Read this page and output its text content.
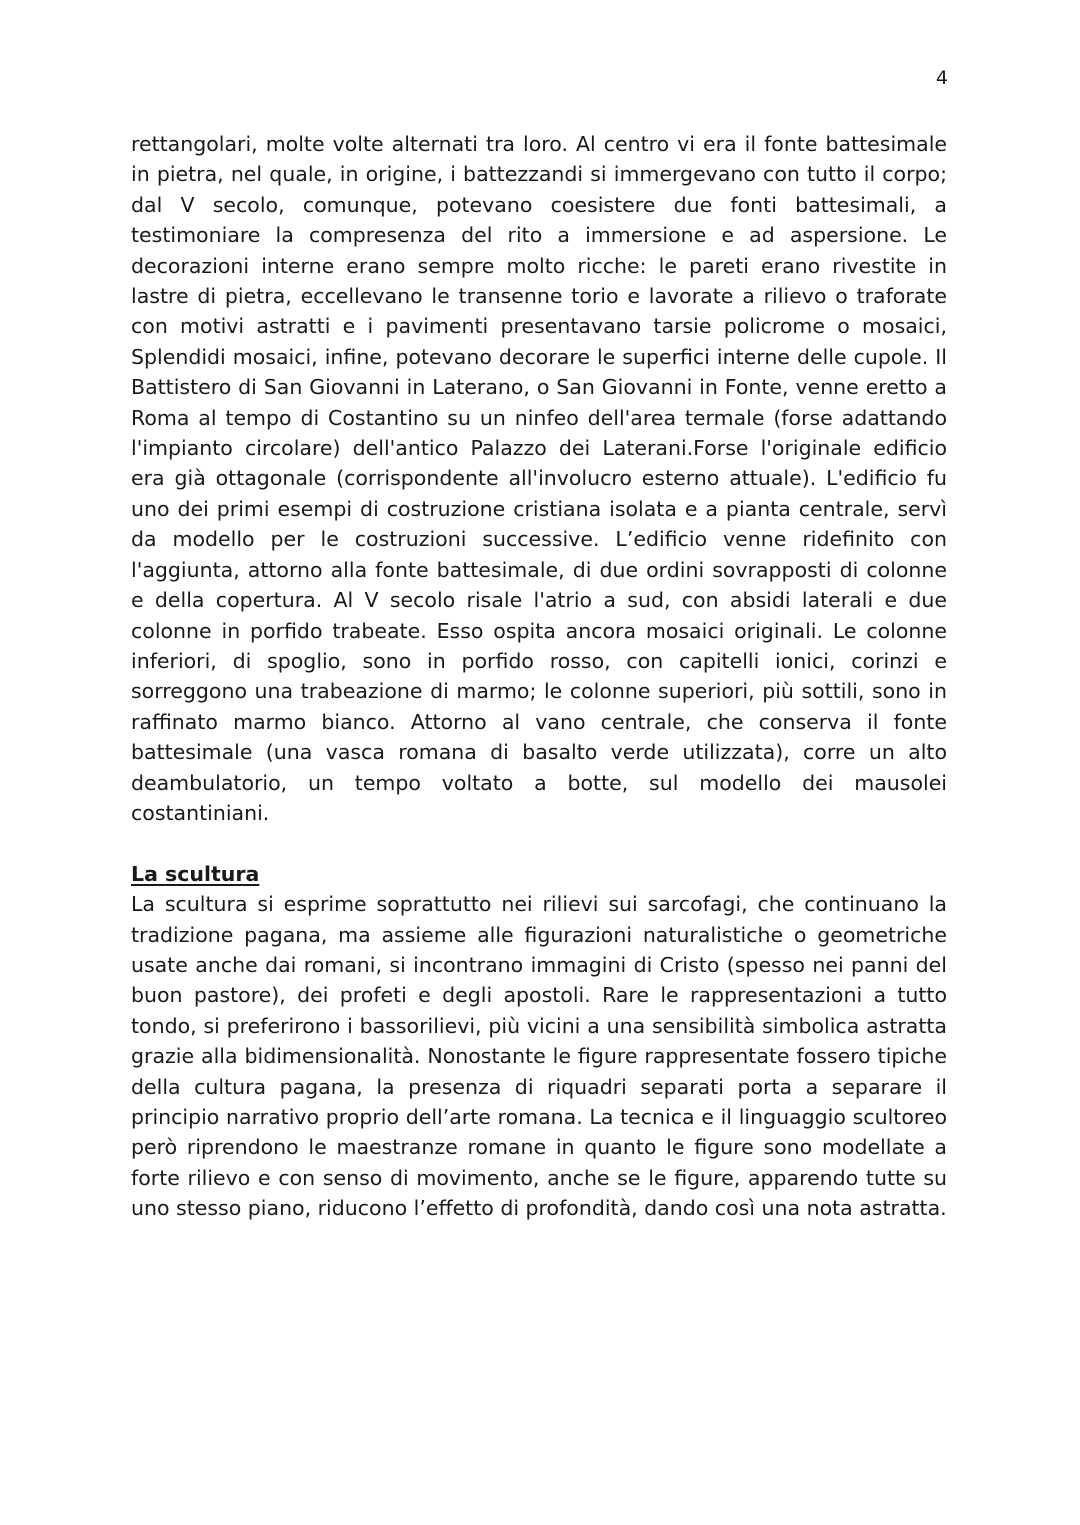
4

rettangolari, molte volte alternati tra loro. Al centro vi era il fonte battesimale in pietra, nel quale, in origine, i battezzandi si immergevano con tutto il corpo; dal V secolo, comunque, potevano coesistere due fonti battesimali, a testimoniare la compresenza del rito a immersione e ad aspersione. Le decorazioni interne erano sempre molto ricche: le pareti erano rivestite in lastre di pietra, eccellevano le transenne torio e lavorate a rilievo o traforate con motivi astratti e i pavimenti presentavano tarsie policrome o mosaici, Splendidi mosaici, infine, potevano decorare le superfici interne delle cupole. Il Battistero di San Giovanni in Laterano, o San Giovanni in Fonte, venne eretto a Roma al tempo di Costantino su un ninfeo dell'area termale (forse adattando l'impianto circolare) dell'antico Palazzo dei Laterani.Forse l'originale edificio era già ottagonale (corrispondente all'involucro esterno attuale). L'edificio fu uno dei primi esempi di costruzione cristiana isolata e a pianta centrale, servì da modello per le costruzioni successive. L’edificio venne ridefinito con l'aggiunta, attorno alla fonte battesimale, di due ordini sovrapposti di colonne e della copertura. Al V secolo risale l'atrio a sud, con absidi laterali e due colonne in porfido trabeate. Esso ospita ancora mosaici originali. Le colonne inferiori, di spoglio, sono in porfido rosso, con capitelli ionici, corinzi e sorreggono una trabeazione di marmo; le colonne superiori, più sottili, sono in raffinato marmo bianco. Attorno al vano centrale, che conserva il fonte battesimale (una vasca romana di basalto verde utilizzata), corre un alto deambulatorio, un tempo voltato a botte, sul modello dei mausolei costantiniani.

La scultura

La scultura si esprime soprattutto nei rilievi sui sarcofagi, che continuano la tradizione pagana, ma assieme alle figurazioni naturalistiche o geometriche usate anche dai romani, si incontrano immagini di Cristo (spesso nei panni del buon pastore), dei profeti e degli apostoli. Rare le rappresentazioni a tutto tondo, si preferirono i bassorilievi, più vicini a una sensibilità simbolica astratta grazie alla bidimensionalità. Nonostante le figure rappresentate fossero tipiche della cultura pagana, la presenza di riquadri separati porta a separare il principio narrativo proprio dell’arte romana. La tecnica e il linguaggio scultoreo però riprendono le maestranze romane in quanto le figure sono modellate a forte rilievo e con senso di movimento, anche se le figure, apparendo tutte su uno stesso piano, riducono l’effetto di profondità, dando così una nota astratta.
